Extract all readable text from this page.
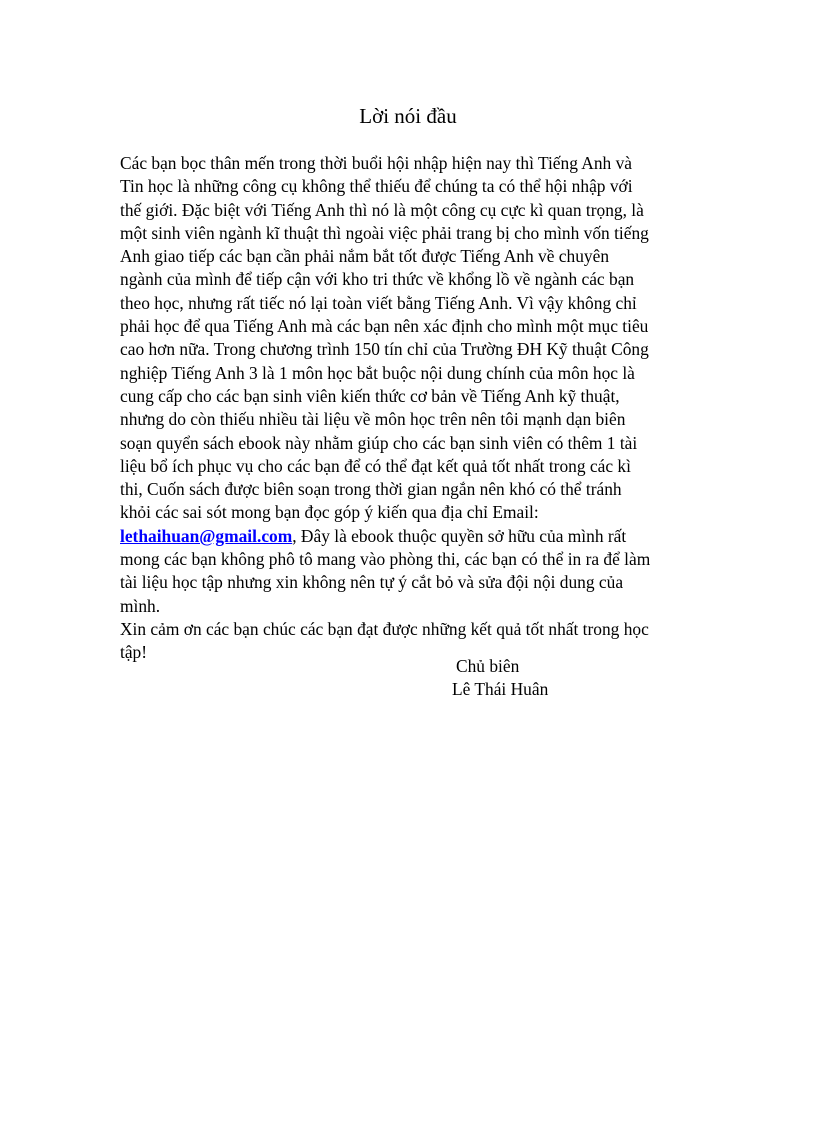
Lời nói đầu
Các bạn bọc thân mến trong thời buổi hội nhập hiện nay thì Tiếng Anh và
Tin học là những công cụ không thể thiếu để chúng ta có thể hội nhập với
thế giới. Đặc biệt với Tiếng Anh thì nó là một công cụ cực kì quan trọng, là
một sinh viên ngành kĩ thuật thì ngoài việc phải trang bị cho mình vốn tiếng
Anh giao tiếp các bạn cần phải nắm bắt tốt được Tiếng Anh về chuyên
ngành của mình để tiếp cận với kho tri thức về khổng lồ về ngành các bạn
theo học, nhưng rất tiếc nó lại toàn viết bằng Tiếng Anh. Vì vậy không chỉ
phải học để qua Tiếng Anh mà các bạn nên xác định cho mình một mục tiêu
cao hơn nữa. Trong chương trình 150 tín chỉ của Trường ĐH Kỹ thuật Công
nghiệp Tiếng Anh 3 là 1 môn học bắt buộc nội dung chính của môn học là
cung cấp cho các bạn sinh viên kiến thức cơ bản về Tiếng Anh kỹ thuật,
nhưng do còn thiếu nhiều tài liệu về môn học trên nên tôi mạnh dạn biên
soạn quyển sách ebook này nhằm giúp cho các bạn sinh viên có thêm 1 tài
liệu bổ ích phục vụ cho các bạn để có thể đạt kết quả tốt nhất trong các kì
thi, Cuốn sách được biên soạn trong thời gian ngắn nên khó có thể tránh
khỏi các sai sót mong bạn đọc góp ý kiến qua địa chỉ Email:
lethaihuan@gmail.com, Đây là ebook thuộc quyền sở hữu của mình rất
mong các bạn không phô tô mang vào phòng thi, các bạn có thể in ra để làm
tài liệu học tập nhưng xin không nên tự ý cắt bỏ và sửa đội nội dung của
mình.
Xin cảm ơn các bạn chúc các bạn đạt được những kết quả tốt nhất trong học
tập!
Chủ biên
Lê Thái Huân
